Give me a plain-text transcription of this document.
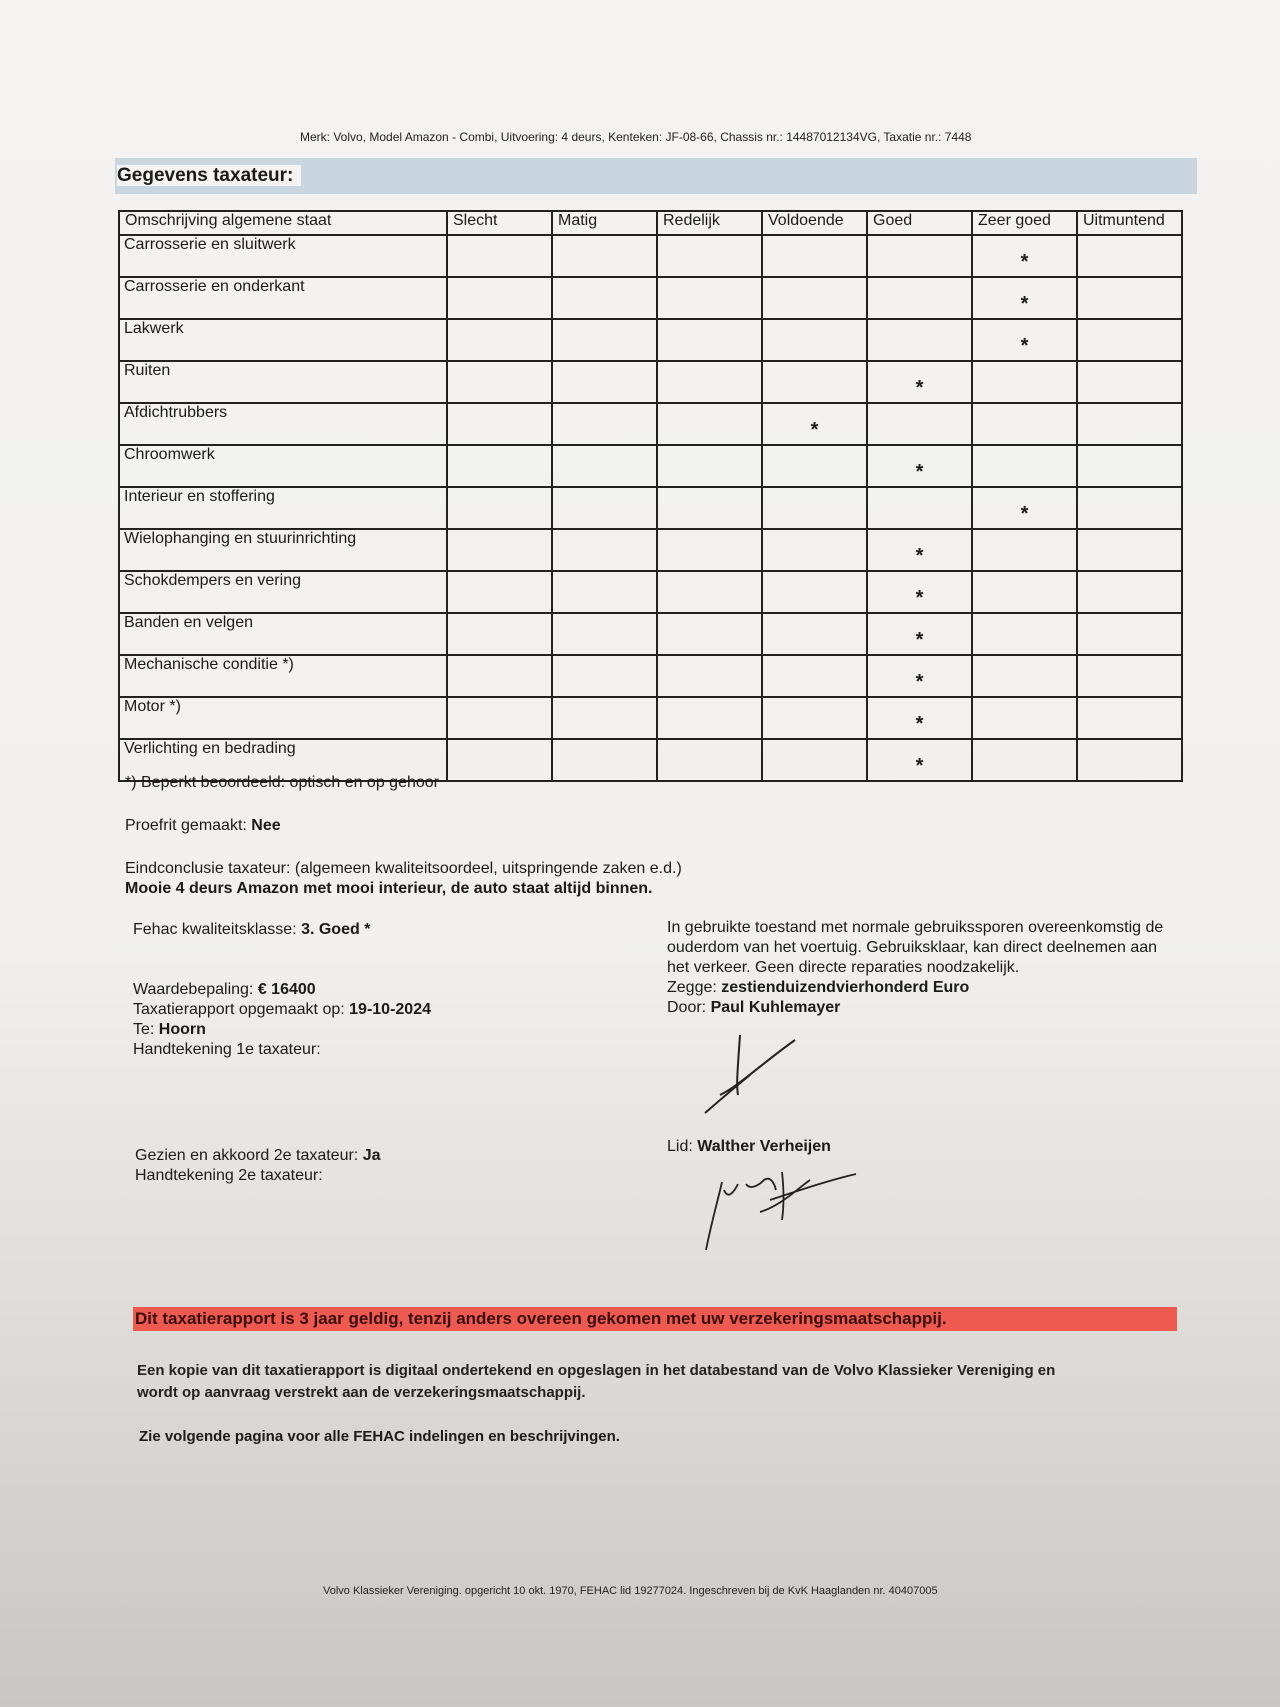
Merk: Volvo, Model Amazon - Combi, Uitvoering: 4 deurs, Kenteken: JF-08-66, Chassis nr.: 14487012134VG, Taxatie nr.: 7448
Gegevens taxateur:
Omschrijving algemene staat	Slecht	Matig	Redelijk	Voldoende	Goed	Zeer goed	Uitmuntend
Carrosserie en sluitwerk						*	
Carrosserie en onderkant						*	
Lakwerk						*	
Ruiten					*		
Afdichtrubbers				*			
Chroomwerk					*		
Interieur en stoffering						*	
Wielophanging en stuurinrichting					*		
Schokdempers en vering					*		
Banden en velgen					*		
Mechanische conditie *)					*		
Motor *)					*		
Verlichting en bedrading					*		
*) Beperkt beoordeeld: optisch en op gehoor
Proefrit gemaakt: Nee
Eindconclusie taxateur: (algemeen kwaliteitsoordeel, uitspringende zaken e.d.)
Mooie 4 deurs Amazon met mooi interieur, de auto staat altijd binnen.
Fehac kwaliteitsklasse: 3. Goed *
Waardebepaling: € 16400
Taxatierapport opgemaakt op: 19-10-2024
Te: Hoorn
Handtekening 1e taxateur:
In gebruikte toestand met normale gebruikssporen overeenkomstig de
ouderdom van het voertuig. Gebruiksklaar, kan direct deelnemen aan
het verkeer. Geen directe reparaties noodzakelijk.
Zegge: zestienduizendvierhonderd Euro
Door: Paul Kuhlemayer
Gezien en akkoord 2e taxateur: Ja
Handtekening 2e taxateur:
Lid: Walther Verheijen
Dit taxatierapport is 3 jaar geldig, tenzij anders overeen gekomen met uw verzekeringsmaatschappij.
Een kopie van dit taxatierapport is digitaal ondertekend en opgeslagen in het databestand van de Volvo Klassieker Vereniging en
wordt op aanvraag verstrekt aan de verzekeringsmaatschappij.
Zie volgende pagina voor alle FEHAC indelingen en beschrijvingen.
Volvo Klassieker Vereniging. opgericht 10 okt. 1970, FEHAC lid 19277024. Ingeschreven bij de KvK Haaglanden nr. 40407005
